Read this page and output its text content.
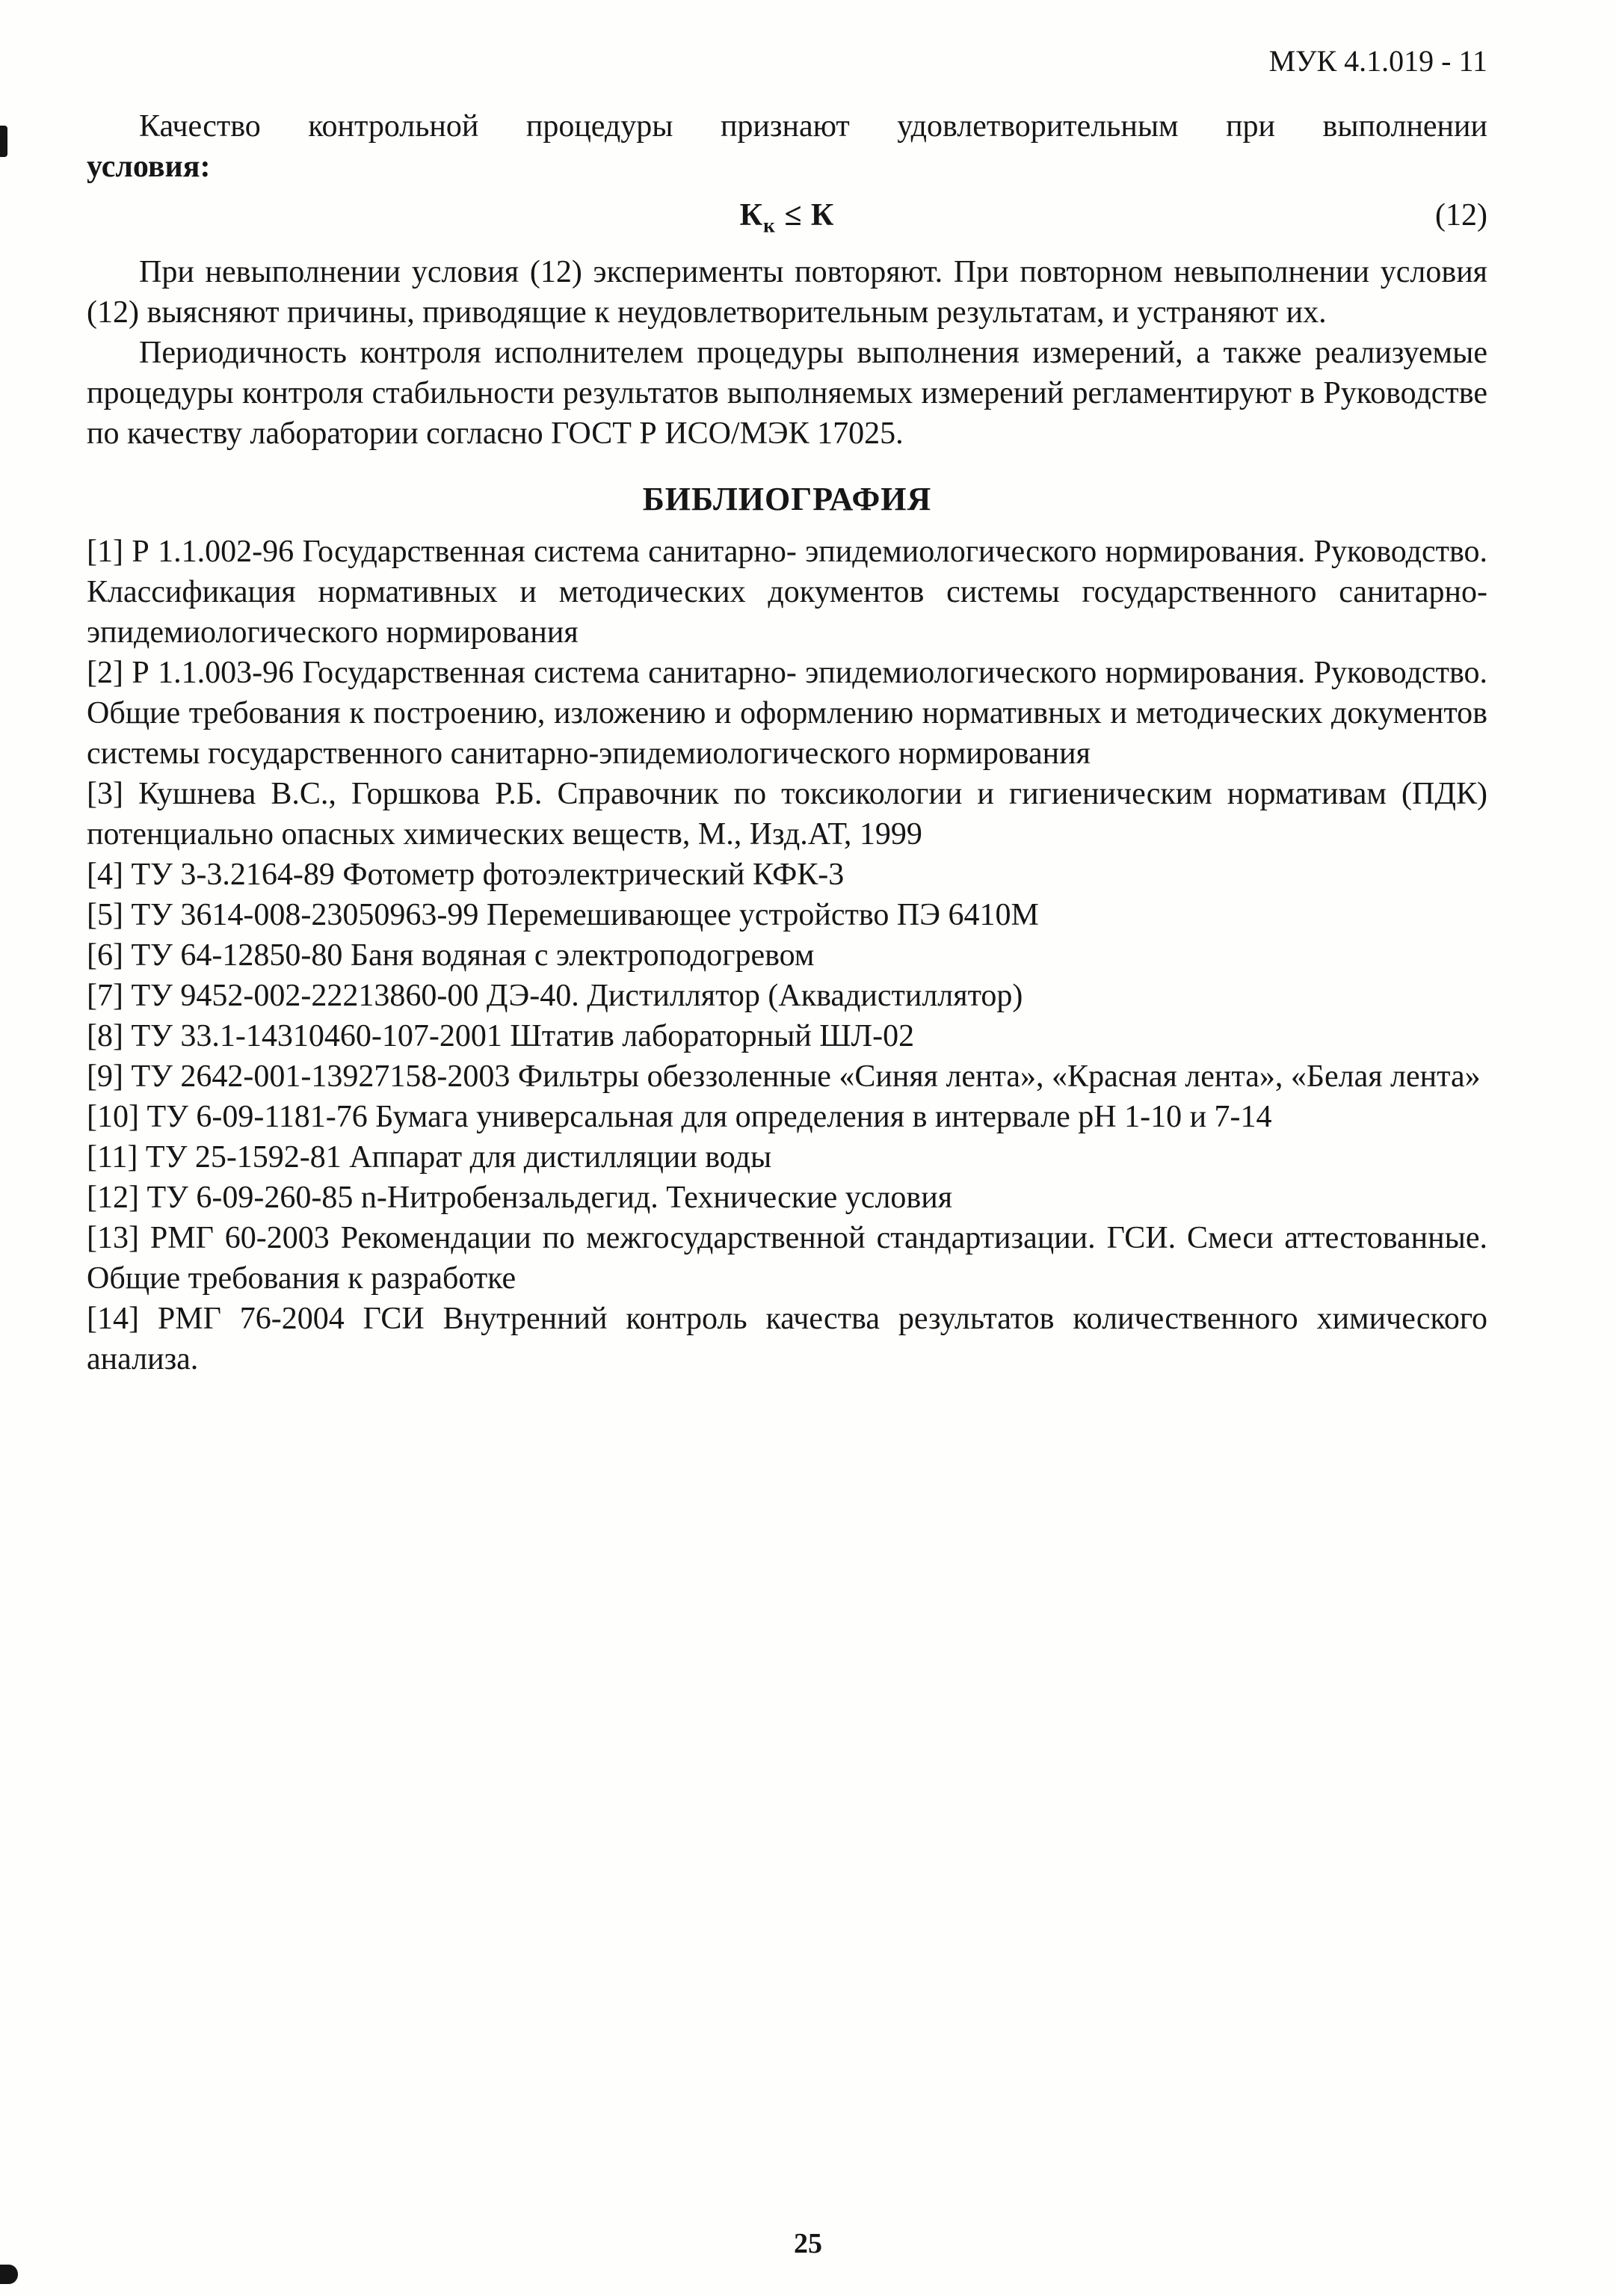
МУК 4.1.019 - 11

Качество контрольной процедуры признают удовлетворительным при выполнении

условия:

$К_к \le К$	(12)

При невыполнении условия (12) эксперименты повторяют. При повторном невыполнении условия (12) выясняют причины, приводящие к неудовлетворительным результатам, и устраняют их.

Периодичность контроля исполнителем процедуры выполнения измерений, а также реализуемые процедуры контроля стабильности результатов выполняемых измерений регламентируют в Руководстве по качеству лаборатории согласно ГОСТ Р ИСО/МЭК 17025.

БИБЛИОГРАФИЯ

[1] Р 1.1.002-96 Государственная система санитарно- эпидемиологического нормирования. Руководство. Классификация нормативных и методических документов системы государственного санитарно-эпидемиологического нормирования

[2] Р 1.1.003-96 Государственная система санитарно- эпидемиологического нормирования. Руководство. Общие требования к построению, изложению и оформлению нормативных и методических документов системы государственного санитарно-эпидемиологического нормирования

[3] Кушнева В.С., Горшкова Р.Б. Справочник по токсикологии и гигиеническим нормативам (ПДК) потенциально опасных химических веществ, М., Изд.АТ, 1999

[4] ТУ 3-3.2164-89 Фотометр фотоэлектрический КФК-3

[5] ТУ 3614-008-23050963-99 Перемешивающее устройство ПЭ 6410М

[6] ТУ 64-12850-80 Баня водяная с электроподогревом

[7] ТУ 9452-002-22213860-00 ДЭ-40. Дистиллятор (Аквадистиллятор)

[8] ТУ 33.1-14310460-107-2001 Штатив лабораторный ШЛ-02

[9] ТУ 2642-001-13927158-2003 Фильтры обеззоленные «Синяя лента», «Красная лента», «Белая лента»

[10] ТУ 6-09-1181-76 Бумага универсальная для определения в интервале рН 1-10 и 7-14

[11] ТУ 25-1592-81 Аппарат для дистилляции воды

[12] ТУ 6-09-260-85 n-Нитробензальдегид. Технические условия

[13] РМГ 60-2003 Рекомендации по межгосударственной стандартизации. ГСИ. Смеси аттестованные. Общие требования к разработке

[14] РМГ 76-2004 ГСИ Внутренний контроль качества результатов количественного химического анализа.

25
